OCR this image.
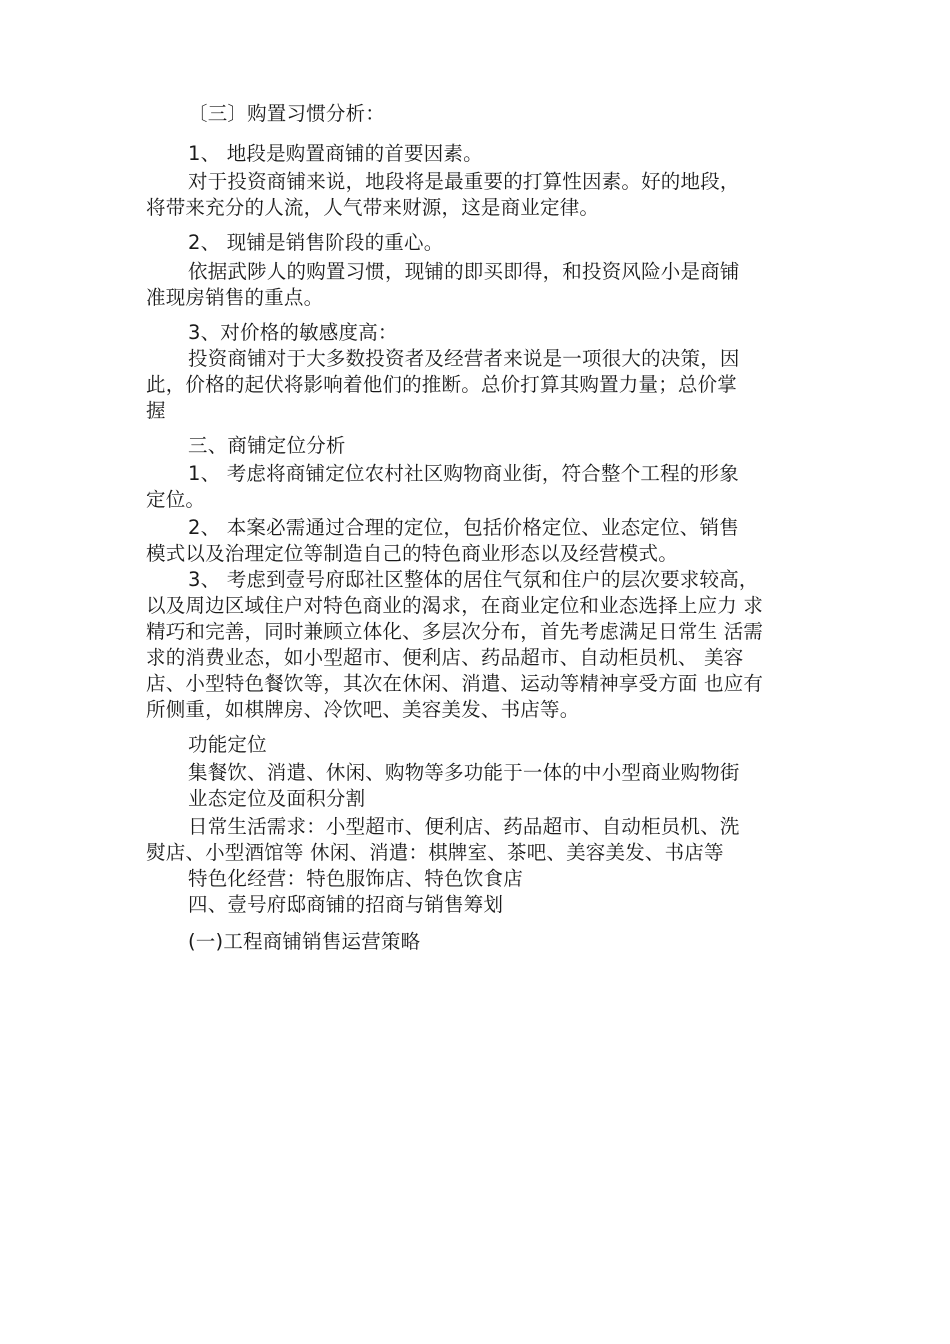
〔三〕购置习惯分析：
1、 地段是购置商铺的首要因素。
对于投资商铺来说，地段将是最重要的打算性因素。好的地段，
将带来充分的人流，人气带来财源，这是商业定律。
2、 现铺是销售阶段的重心。
依据武陟人的购置习惯，现铺的即买即得，和投资风险小是商铺
准现房销售的重点。
3、对价格的敏感度高：
投资商铺对于大多数投资者及经营者来说是一项很大的决策，因
此，价格的起伏将影响着他们的推断。总价打算其购置力量；总价掌
握
三、商铺定位分析
1、 考虑将商铺定位农村社区购物商业街，符合整个工程的形象
定位。
2、 本案必需通过合理的定位，包括价格定位、业态定位、销售
模式以及治理定位等制造自己的特色商业形态以及经营模式。
3、 考虑到壹号府邸社区整体的居住气氛和住户的层次要求较高，
以及周边区域住户对特色商业的渴求，在商业定位和业态选择上应力 求
精巧和完善，同时兼顾立体化、多层次分布，首先考虑满足日常生 活需
求的消费业态，如小型超市、便利店、药品超市、自动柜员机、 美容
店、小型特色餐饮等，其次在休闲、消遣、运动等精神享受方面 也应有
所侧重，如棋牌房、冷饮吧、美容美发、书店等。
功能定位
集餐饮、消遣、休闲、购物等多功能于一体的中小型商业购物街
业态定位及面积分割
日常生活需求：小型超市、便利店、药品超市、自动柜员机、洗
熨店、小型酒馆等 休闲、消遣：棋牌室、茶吧、美容美发、书店等
特色化经营：特色服饰店、特色饮食店
四、壹号府邸商铺的招商与销售筹划
(一)工程商铺销售运营策略
